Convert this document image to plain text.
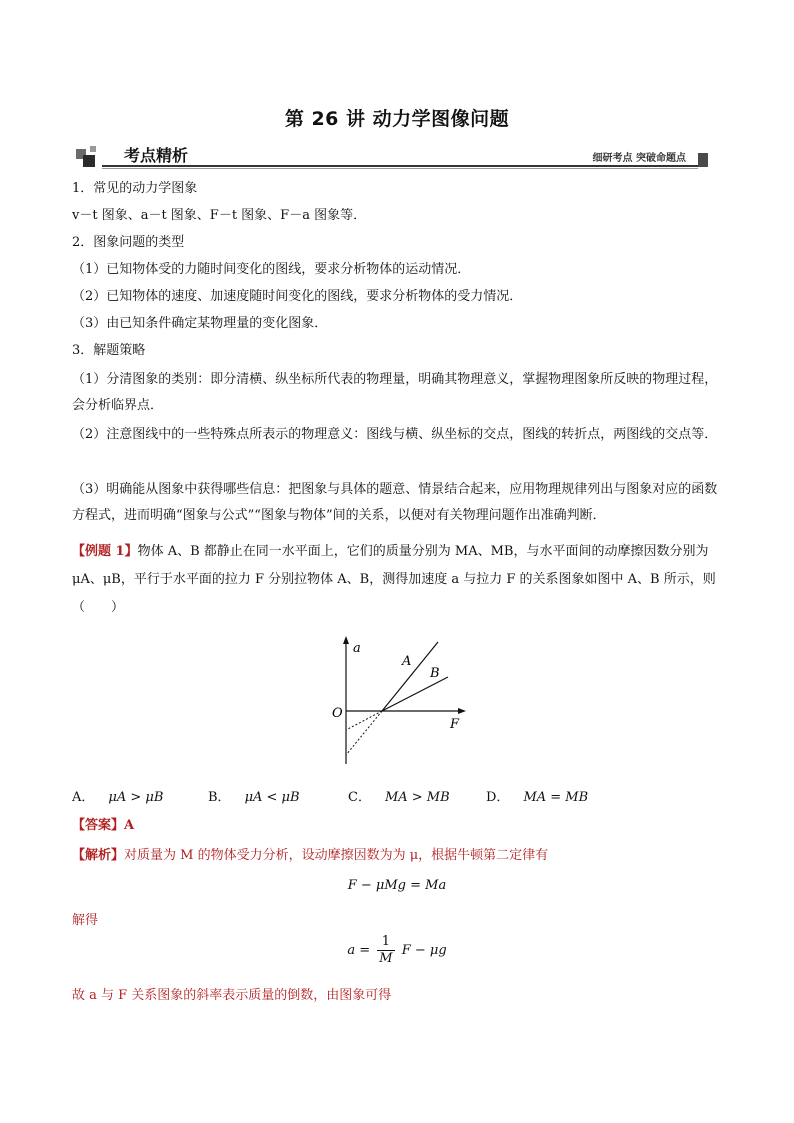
第 26 讲 动力学图像问题
考点精析	细研考点 突破命题点
1．常见的动力学图象
v－t 图象、a－t 图象、F－t 图象、F－a 图象等．
2．图象问题的类型
（1）已知物体受的力随时间变化的图线，要求分析物体的运动情况．
（2）已知物体的速度、加速度随时间变化的图线，要求分析物体的受力情况．
（3）由已知条件确定某物理量的变化图象．
3．解题策略
（1）分清图象的类别：即分清横、纵坐标所代表的物理量，明确其物理意义，掌握物理图象所反映的物理过程，会分析临界点．
（2）注意图线中的一些特殊点所表示的物理意义：图线与横、纵坐标的交点，图线的转折点，两图线的交点等．
（3）明确能从图象中获得哪些信息：把图象与具体的题意、情景结合起来，应用物理规律列出与图象对应的函数方程式，进而明确“图象与公式”“图象与物体”间的关系，以便对有关物理问题作出准确判断．
【例题 1】物体 A、B 都静止在同一水平面上，它们的质量分别为 MA、MB，与水平面间的动摩擦因数分别为 μA、μB，平行于水平面的拉力 F 分别拉物体 A、B，测得加速度 a 与拉力 F 的关系图象如图中 A、B 所示，则（　　）
a
F
O
A
B
A． μA > μB	B． μA < μB	C． MA > MB	D． MA = MB
【答案】A
【解析】对质量为 M 的物体受力分析，设动摩擦因数为为 μ，根据牛顿第二定律有
F − μMg = Ma
解得
$a = \frac{1}{M}$ F − μg
故 a 与 F 关系图象的斜率表示质量的倒数，由图象可得
